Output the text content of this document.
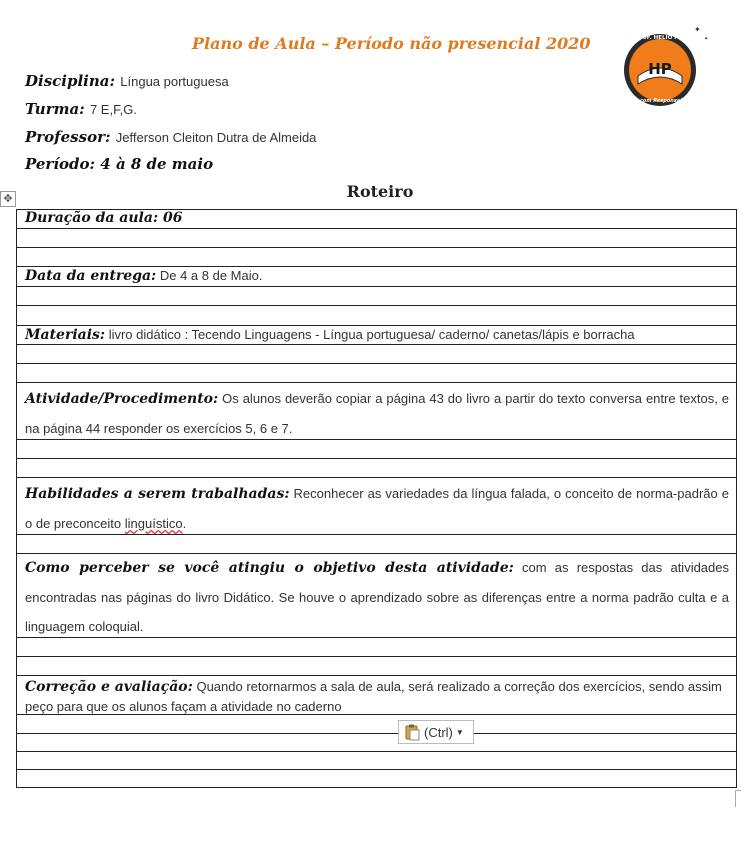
Plano de Aula – Período não presencial 2020
HP
E.E.PROF. HELIO POLEZE
Ensinar com Responsabilidade
✦
✦
Disciplina: Língua portuguesa
Turma: 7 E,F,G.
Professor: Jefferson Cleiton Dutra de Almeida
Período: 4 à 8 de maio
Roteiro
✥
Duração da aula: 06
Data da entrega: De 4 a 8 de Maio.
Materiais: livro didático : Tecendo Linguagens - Língua portuguesa/ caderno/ canetas/lápis e borracha
Atividade/Procedimento: Os alunos deverão copiar a página 43 do livro a partir do texto conversa entre textos, e na página 44 responder os exercícios 5, 6 e 7.
Habilidades a serem trabalhadas: Reconhecer as variedades da língua falada, o conceito de norma-padrão e o de preconceito linguístico.
Como perceber se você atingiu o objetivo desta atividade: com as respostas das atividades encontradas nas páginas do livro Didático. Se houve o aprendizado sobre as diferenças entre a norma padrão culta e a linguagem coloquial.
Correção e avaliação: Quando retornarmos a sala de aula, será realizado a correção dos exercícios, sendo assim peço para que os alunos façam a atividade no caderno
(Ctrl) ▼
